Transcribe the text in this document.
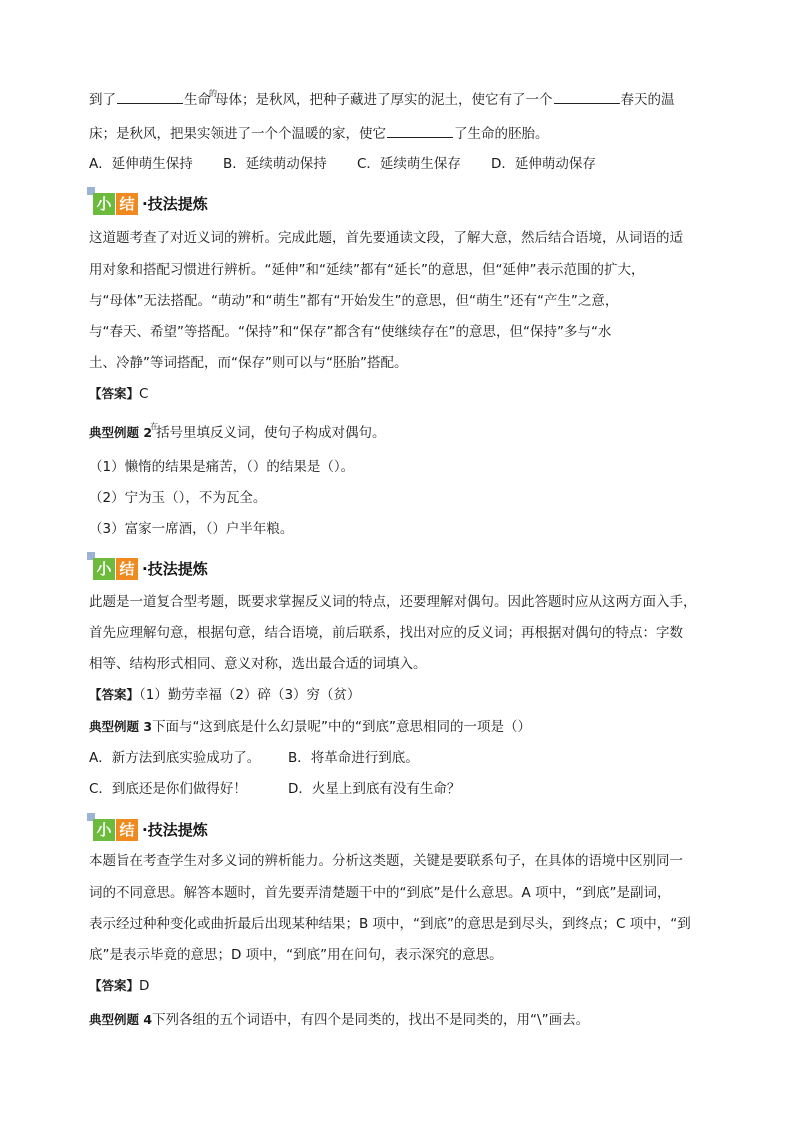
到了	生命$^的$母体；是秋风，把种子藏进了厚实的泥土，使它有了一个	春天的温
床；是秋风，把果实领进了一个个温暖的家，使它	了生命的胚胎。
A．延伸萌生保持 B．延续萌动保持 C．延续萌生保存 D．延伸萌动保存
小 结 ·技法提炼
这道题考查了对近义词的辨析。完成此题，首先要通读文段，了解大意，然后结合语境，从词语的适
用对象和搭配习惯进行辨析。“延伸”和“延续”都有“延长”的意思，但“延伸”表示范围的扩大，
与“母体”无法搭配。“萌动”和“萌生”都有“开始发生”的意思，但“萌生”还有“产生”之意，
与“春天、希望”等搭配。“保持”和“保存”都含有“使继续存在”的意思，但“保持”多与“水
土、冷静”等词搭配，而“保存”则可以与“胚胎”搭配。
【答案】C
典型例题 $2^在$括号里填反义词，使句子构成对偶句。
（1）懒惰的结果是痛苦，（）的结果是（）。
（2）宁为玉（），不为瓦全。
（3）富家一席酒，（）户半年粮。
小 结 ·技法提炼
此题是一道复合型考题，既要求掌握反义词的特点，还要理解对偶句。因此答题时应从这两方面入手，
首先应理解句意，根据句意，结合语境，前后联系，找出对应的反义词；再根据对偶句的特点：字数
相等、结构形式相同、意义对称，选出最合适的词填入。
【答案】（1）勤劳幸福（2）碎（3）穷（贫）
典型例题 3下面与“这到底是什么幻景呢”中的“到底”意思相同的一项是（）
A．新方法到底实验成功了。 B．将革命进行到底。
C．到底还是你们做得好！	D．火星上到底有没有生命？
小 结 ·技法提炼
本题旨在考查学生对多义词的辨析能力。分析这类题，关键是要联系句子，在具体的语境中区别同一
词的不同意思。解答本题时，首先要弄清楚题干中的“到底”是什么意思。A 项中，“到底”是副词，
表示经过种种变化或曲折最后出现某种结果；B 项中，“到底”的意思是到尽头，到终点；C 项中，“到
底”是表示毕竟的意思；D 项中，“到底”用在问句，表示深究的意思。
【答案】D
典型例题 4下列各组的五个词语中，有四个是同类的，找出不是同类的，用“\”画去。
